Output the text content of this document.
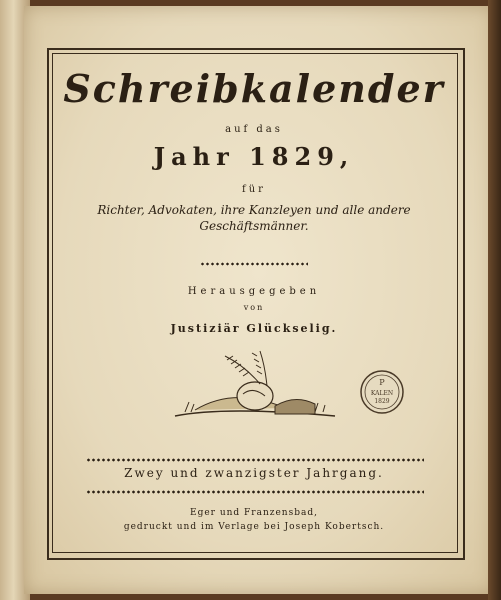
Schreibkalender
auf das
Jahr 1829,
für
Richter, Advokaten, ihre Kanzleyen und alle andere Geschäftsmänner.
Herausgegeben
von
Justiziär Glückselig.
P
KALEN
1829
Zwey und zwanzigster Jahrgang.
Eger und Franzensbad,
gedruckt und im Verlage bei Joseph Kobertsch.
